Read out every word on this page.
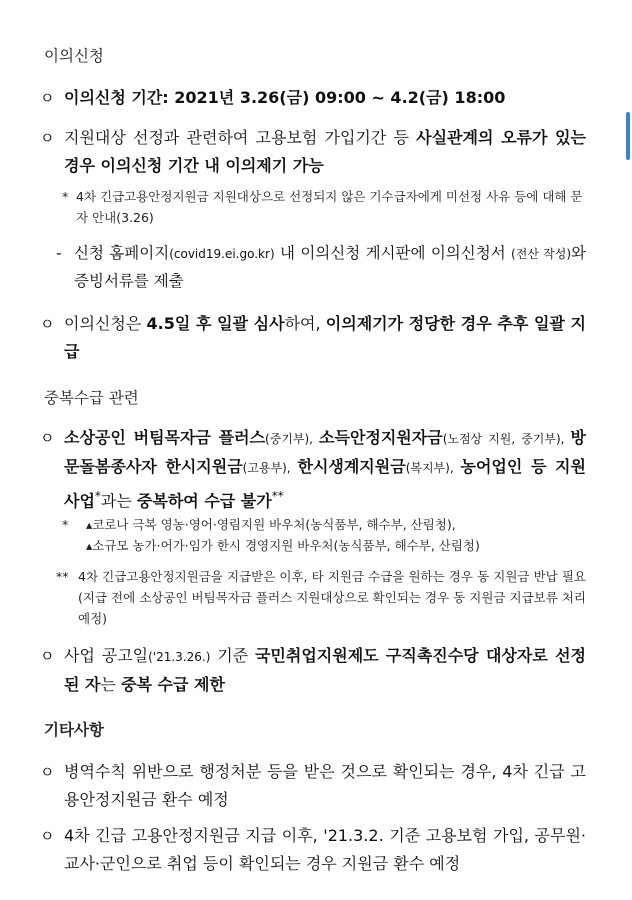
이의신청
ㅇ 이의신청 기간: 2021년 3.26(금) 09:00 ~ 4.2(금) 18:00
ㅇ 지원대상 선정과 관련하여 고용보험 가입기간 등 사실관계의 오류가 있는 경우 이의신청 기간 내 이의제기 가능
* 4차 긴급고용안정지원금 지원대상으로 선정되지 않은 기수급자에게 미선정 사유 등에 대해 문자 안내(3.26)
- 신청 홈페이지(covid19.ei.go.kr) 내 이의신청 게시판에 이의신청서 (전산 작성)와 증빙서류를 제출
ㅇ 이의신청은 4.5일 후 일괄 심사하여, 이의제기가 정당한 경우 추후 일괄 지급
중복수급 관련
ㅇ 소상공인 버팀목자금 플러스(중기부), 소득안정지원자금(노점상 지원, 중기부), 방문돌봄종사자 한시지원금(고용부), 한시생계지원금(복지부), 농어업인 등 지원 사업*과는 중복하여 수급 불가**
* ▴코로나 극복 영농·영어·영림지원 바우처(농식품부, 해수부, 산림청),
▴소규모 농가·어가·임가 한시 경영지원 바우처(농식품부, 해수부, 산림청)
** 4차 긴급고용안정지원금을 지급받은 이후, 타 지원금 수급을 원하는 경우 동 지원금 반납 필요(지급 전에 소상공인 버팀목자금 플러스 지원대상으로 확인되는 경우 동 지원금 지급보류 처리 예정)
ㅇ 사업 공고일('21.3.26.) 기준 국민취업지원제도 구직촉진수당 대상자로 선정된 자는 중복 수급 제한
기타사항
ㅇ 병역수칙 위반으로 행정처분 등을 받은 것으로 확인되는 경우, 4차 긴급 고용안정지원금 환수 예정
ㅇ 4차 긴급 고용안정지원금 지급 이후, '21.3.2. 기준 고용보험 가입, 공무원·교사·군인으로 취업 등이 확인되는 경우 지원금 환수 예정
